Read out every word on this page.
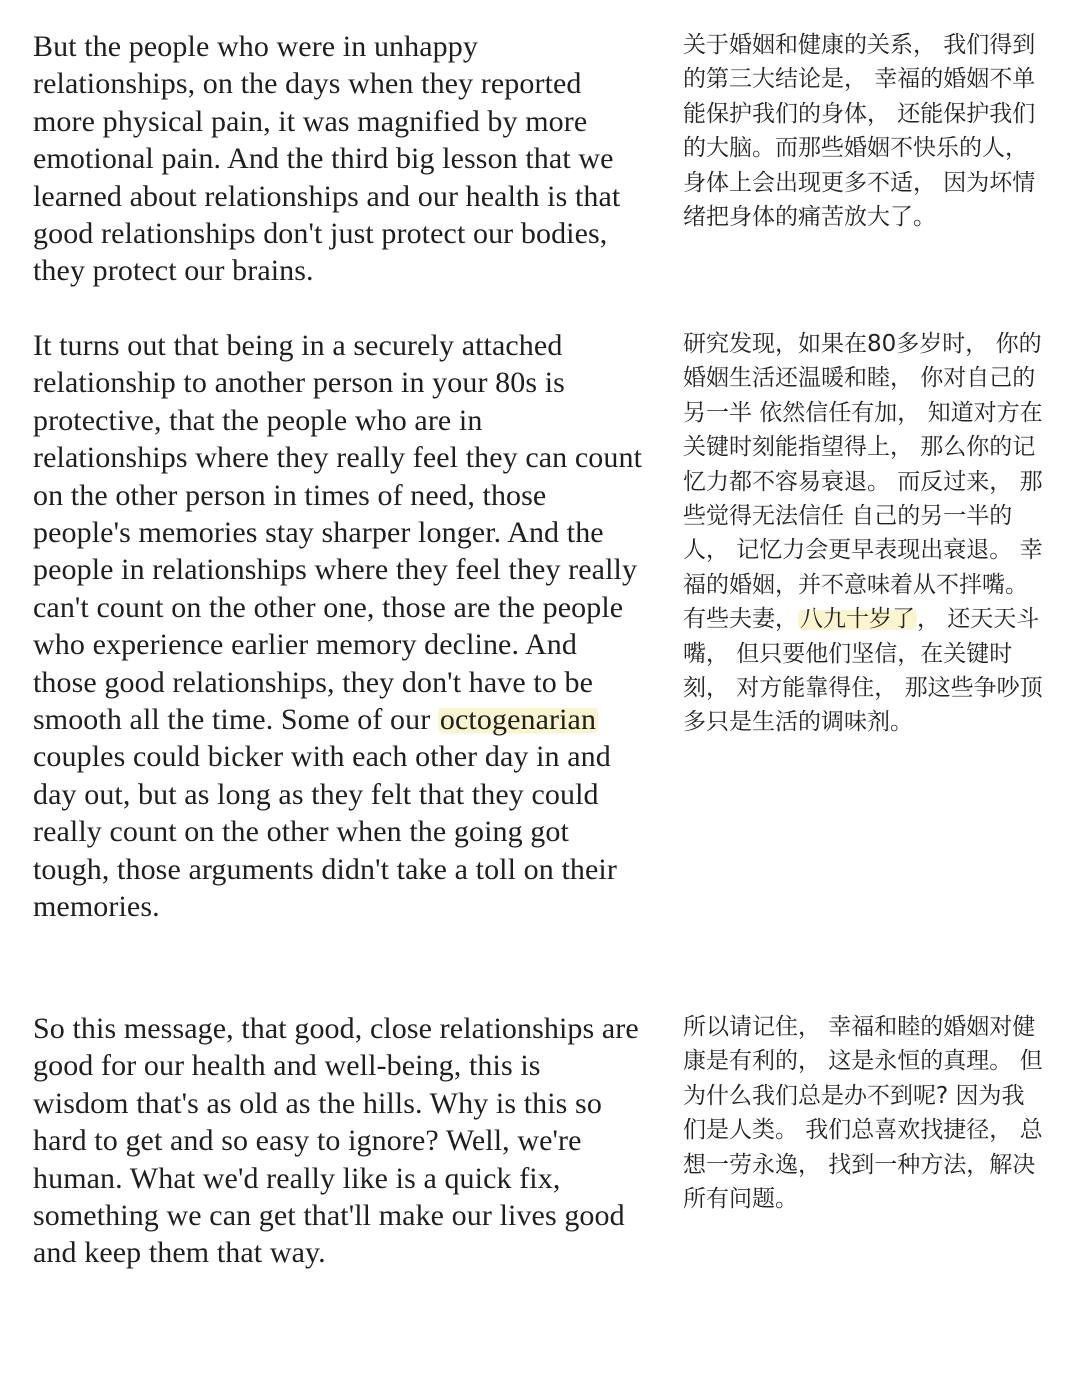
But the people who were in unhappy relationships, on the days when they reported more physical pain, it was magnified by more emotional pain. And the third big lesson that we learned about relationships and our health is that good relationships don't just protect our bodies, they protect our brains.
关于婚姻和健康的关系， 我们得到的第三大结论是， 幸福的婚姻不单能保护我们的身体， 还能保护我们的大脑。而那些婚姻不快乐的人， 身体上会出现更多不适， 因为坏情绪把身体的痛苦放大了。
It turns out that being in a securely attached relationship to another person in your 80s is protective, that the people who are in relationships where they really feel they can count on the other person in times of need, those people's memories stay sharper longer. And the people in relationships where they feel they really can't count on the other one, those are the people who experience earlier memory decline. And those good relationships, they don't have to be smooth all the time. Some of our octogenarian couples could bicker with each other day in and day out, but as long as they felt that they could really count on the other when the going got tough, those arguments didn't take a toll on their memories.
研究发现，如果在80多岁时， 你的婚姻生活还温暖和睦， 你对自己的另一半 依然信任有加， 知道对方在关键时刻能指望得上， 那么你的记忆力都不容易衰退。 而反过来， 那些觉得无法信任 自己的另一半的人， 记忆力会更早表现出衰退。 幸福的婚姻，并不意味着从不拌嘴。 有些夫妻，八九十岁了， 还天天斗嘴， 但只要他们坚信，在关键时刻， 对方能靠得住， 那这些争吵顶多只是生活的调味剂。
So this message, that good, close relationships are good for our health and well-being, this is wisdom that's as old as the hills. Why is this so hard to get and so easy to ignore? Well, we're human. What we'd really like is a quick fix, something we can get that'll make our lives good and keep them that way.
所以请记住， 幸福和睦的婚姻对健康是有利的， 这是永恒的真理。 但为什么我们总是办不到呢? 因为我们是人类。 我们总喜欢找捷径， 总想一劳永逸， 找到一种方法，解决所有问题。
